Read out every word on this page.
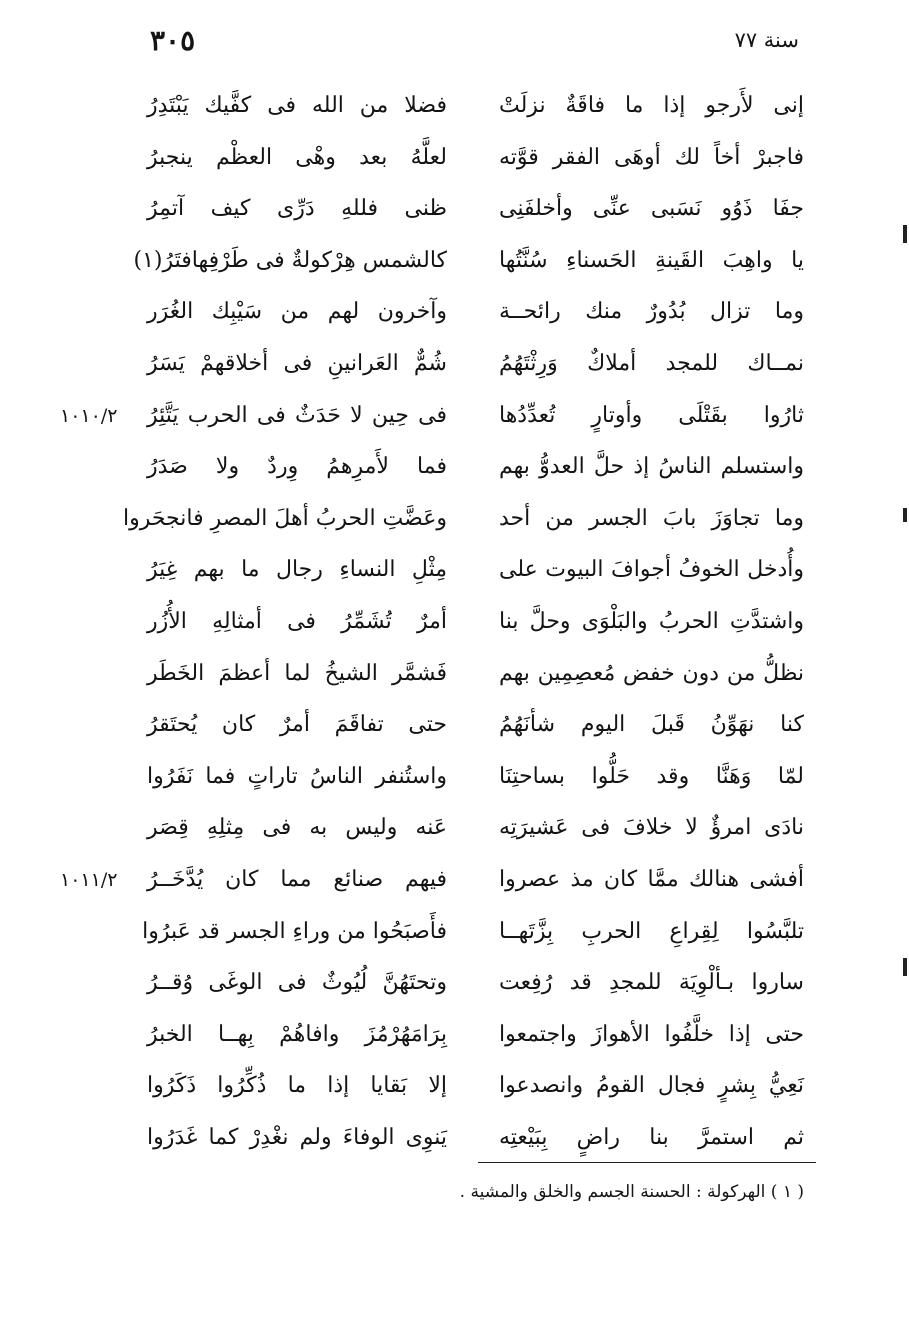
سنة ٧٧
٣٠٥
إنى لأَرجو إذا ما فاقَةٌ نزلَتْ
فضلا من الله فى كفَّيك يَبْتَدِرُ
فاجبرْ أخاً لك أوهَى الفقر قوَّته
لعلَّهُ بعد وهْى العظْم ينجبرُ
جفَا ذَوُو نَسَبى عنِّى وأخلفَنِى
ظنى فللهِ دَرِّى كيف آتمِرُ
يا واهِبَ القَينةِ الحَسناءِ سُنَّتُها
كالشمس هِرْكولةٌ فى طَرْفِهافتَرُ(١)
وما تزال بُدُورٌ منك رائحــة
وآخرون لهم من سَيْبِك الغُرَر
نمــاك للمجد أملاكٌ وَرِثْتَهُمُ
شُمٌّ العَرانينِ فى أخلاقهمْ يَسَرُ
ثارُوا بقَتْلَى وأوتارٍ تُعدِّدُها
فى حِين لا حَدَثٌ فى الحرب يَتَّئِرُ
١٠١٠/٢
واستسلم الناسُ إذ حلَّ العدوُّ بهم
فما لأَمرِهمُ وِردٌ ولا صَدَرُ
وما تجاوَزَ بابَ الجسر من أحد
وعَضَّتِ الحربُ أهلَ المصرِ فانجحَروا
وأُدخل الخوفُ أجوافَ البيوت على
مِثْلِ النساءِ رجال ما بهم غِيَرُ
واشتدَّتِ الحربُ والبَلْوَى وحلَّ بنا
أمرٌ تُشَمِّرُ فى أمثالِهِ الأُزُر
نظلُّ من دون خفض مُعصِمِين بهم
فَشمَّر الشيخُ لما أعظمَ الخَطَر
كنا نهَوِّنُ قَبلَ اليوم شأنَهُمُ
حتى تفاقَمَ أمرٌ كان يُحتَقرُ
لمّا وَهَنَّا وقد حَلُّوا بساحتِنَا
واستُنفر الناسُ تاراتٍ فما نَفَرُوا
نادَى امرؤٌ لا خلافَ فى عَشيرَتِه
عَنه وليس به فى مِثلِهِ قِصَر
أفشى هنالك ممَّا كان مذ عصروا
فيهم صنائع مما كان يُدَّخَــرُ
١٠١١/٢
تلبَّسُوا لِقِراعِ الحربِ بِزَّتَهــا
فأَصبَحُوا من وراءِ الجسر قد عَبرُوا
ساروا بـألْوِيَة للمجدِ قد رُفِعت
وتحتَهُنَّ لُيُوثٌ فى الوغَى وُقــرُ
حتى إذا خلَّفُوا الأهوازَ واجتمعوا
بِرَامَهُرْمُزَ وافاهُمْ بِهــا الخبرُ
نَعِيُّ بِشرٍ فجال القومُ وانصدعوا
إلا بَقايا إذا ما ذُكِّرُوا ذَكَرُوا
ثم استمرَّ بنا راضٍ بِبَيْعتِه
يَنوِى الوفاءَ ولم نغْدِرْ كما غَدَرُوا
( ١ ) الهركولة : الحسنة الجسم والخلق والمشية .
